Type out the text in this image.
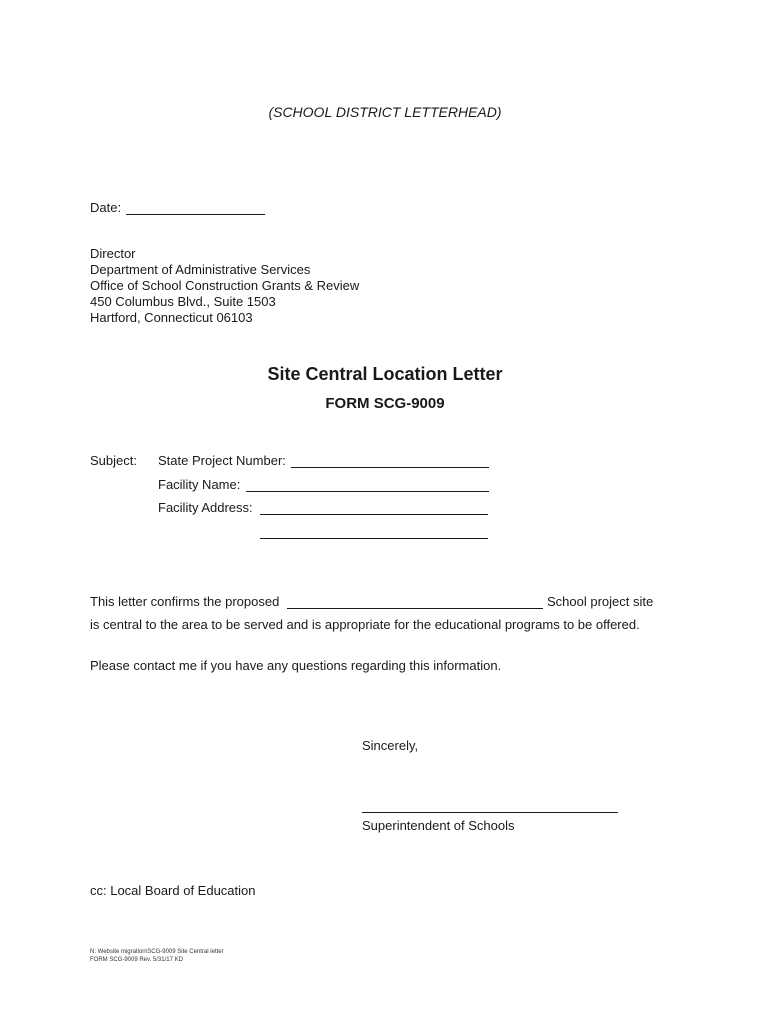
(SCHOOL DISTRICT LETTERHEAD)
Date:
Director
Department of Administrative Services
Office of School Construction Grants & Review
450 Columbus Blvd., Suite 1503
Hartford, Connecticut 06103
Site Central Location Letter
FORM SCG-9009
Subject: State Project Number:
Facility Name:
Facility Address:
This letter confirms the proposed	School project site
is central to the area to be served and is appropriate for the educational programs to be offered.
Please contact me if you have any questions regarding this information.
Sincerely,
Superintendent of Schools
cc: Local Board of Education
N: Website migration\SCG-9009 Site Central letter
FORM SCG-9009 Rev. 5/31/17 KD
